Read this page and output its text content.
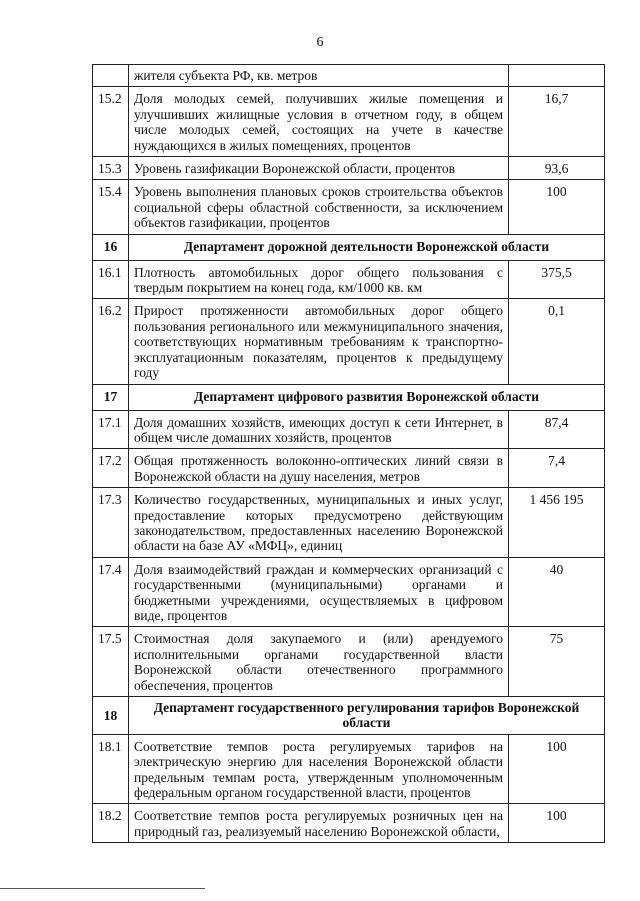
6
	жителя субъекта РФ, кв. метров	
15.2	Доля молодых семей, получивших жилые помещения и улучшивших жилищные условия в отчетном году, в общем числе молодых семей, состоящих на учете в качестве нуждающихся в жилых помещениях, процентов	16,7
15.3	Уровень газификации Воронежской области, процентов	93,6
15.4	Уровень выполнения плановых сроков строительства объектов социальной сферы областной собственности, за исключением объектов газификации, процентов	100
16	Департамент дорожной деятельности Воронежской области	
16.1	Плотность автомобильных дорог общего пользования с твердым покрытием на конец года, км/1000 кв. км	375,5
16.2	Прирост протяженности автомобильных дорог общего пользования регионального или межмуниципального значения, соответствующих нормативным требованиям к транспортно-эксплуатационным показателям, процентов к предыдущему году	0,1
17	Департамент цифрового развития Воронежской области	
17.1	Доля домашних хозяйств, имеющих доступ к сети Интернет, в общем числе домашних хозяйств, процентов	87,4
17.2	Общая протяженность волоконно-оптических линий связи в Воронежской области на душу населения, метров	7,4
17.3	Количество государственных, муниципальных и иных услуг, предоставление которых предусмотрено действующим законодательством, предоставленных населению Воронежской области на базе АУ «МФЦ», единиц	1 456 195
17.4	Доля взаимодействий граждан и коммерческих организаций с государственными (муниципальными) органами и бюджетными учреждениями, осуществляемых в цифровом виде, процентов	40
17.5	Стоимостная доля закупаемого и (или) арендуемого исполнительными органами государственной власти Воронежской области отечественного программного обеспечения, процентов	75
18	Департамент государственного регулирования тарифов Воронежской области	
18.1	Соответствие темпов роста регулируемых тарифов на электрическую энергию для населения Воронежской области предельным темпам роста, утвержденным уполномоченным федеральным органом государственной власти, процентов	100
18.2	Соответствие темпов роста регулируемых розничных цен на природный газ, реализуемый населению Воронежской области,	100
